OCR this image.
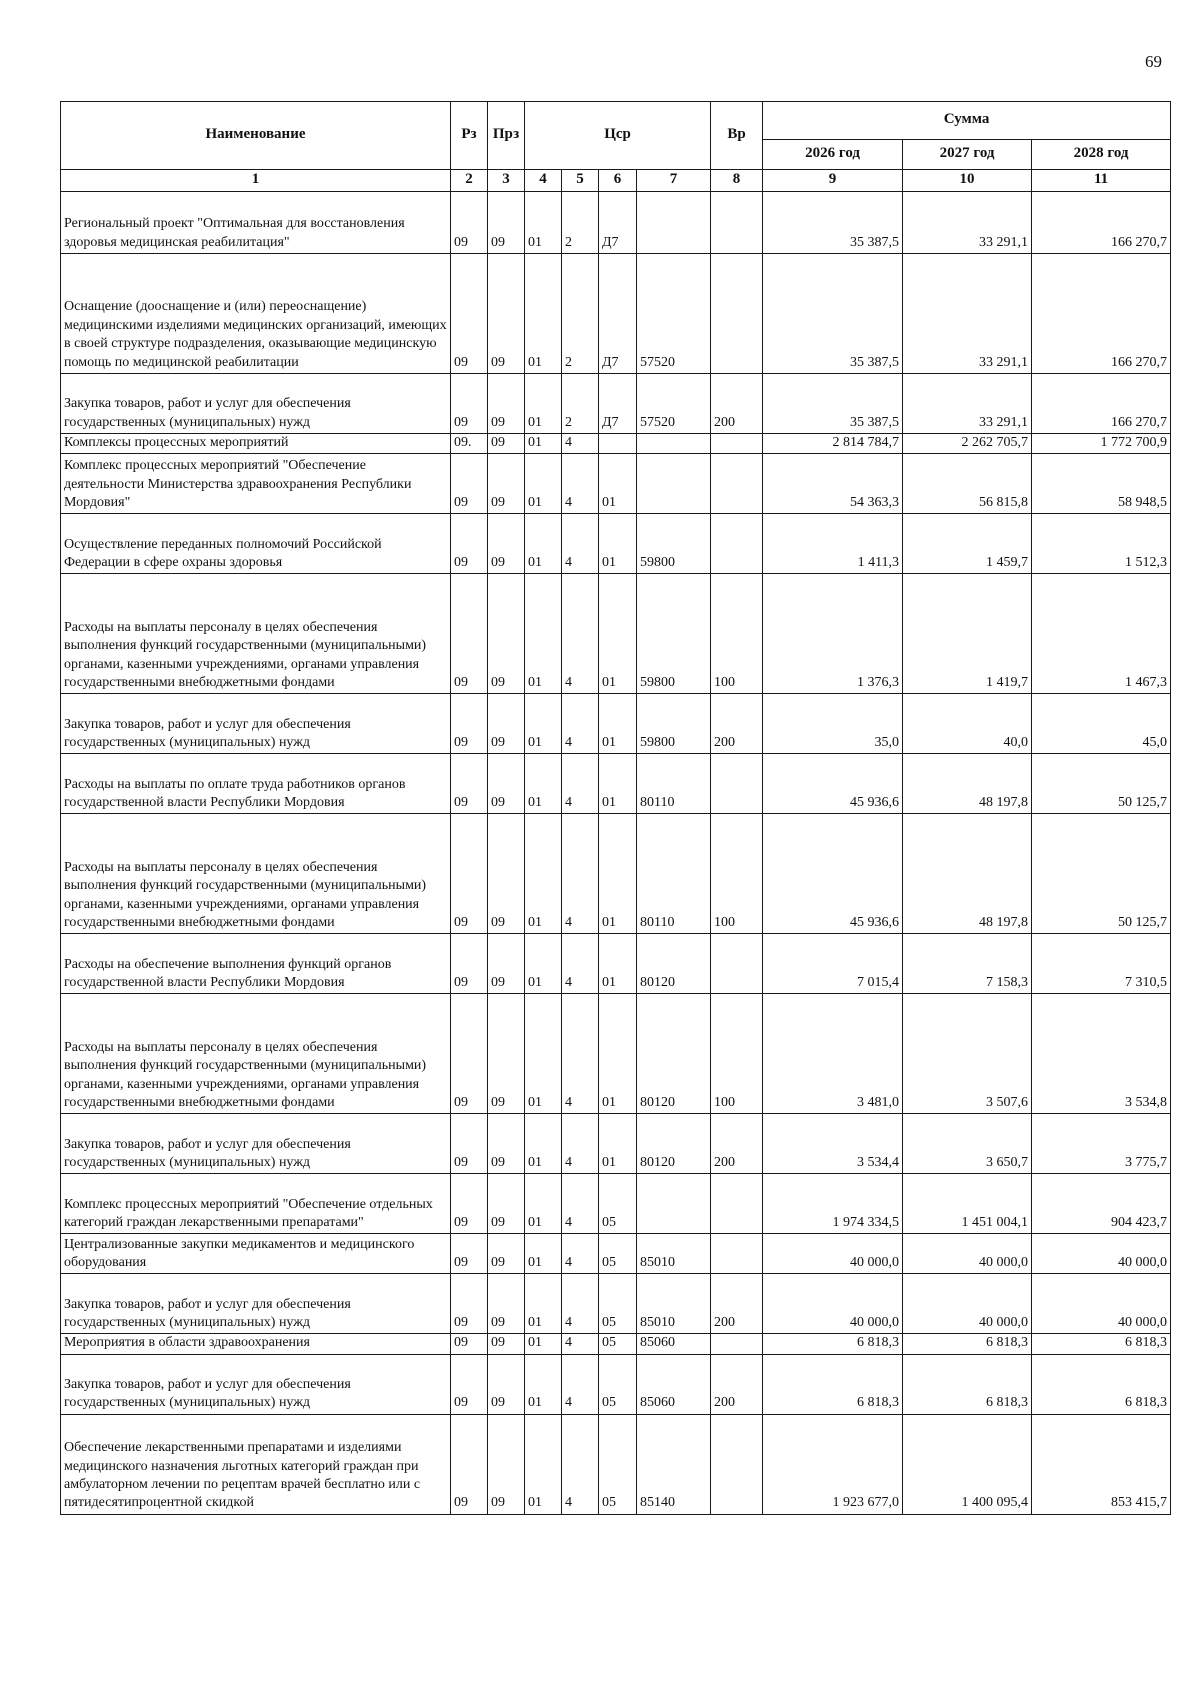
69
Наименование	Рз	Прз	Цср				Вр	Сумма		
								2026 год	2027 год	2028 год
1	2	3	4	5	6	7	8	9	10	11
Региональный проект "Оптимальная для восстановления здоровья медицинская реабилитация"	09	09	01	2	Д7			35 387,5	33 291,1	166 270,7
Оснащение (дооснащение и (или) переоснащение) медицинскими изделиями медицинских организаций, имеющих в своей структуре подразделения, оказывающие медицинскую помощь по медицинской реабилитации	09	09	01	2	Д7	57520		35 387,5	33 291,1	166 270,7
Закупка товаров, работ и услуг для обеспечения государственных (муниципальных) нужд	09	09	01	2	Д7	57520	200	35 387,5	33 291,1	166 270,7
Комплексы процессных мероприятий	09.	09	01	4				2 814 784,7	2 262 705,7	1 772 700,9
Комплекс процессных мероприятий "Обеспечение деятельности Министерства здравоохранения Республики Мордовия"	09	09	01	4	01			54 363,3	56 815,8	58 948,5
Осуществление переданных полномочий Российской Федерации в сфере охраны здоровья	09	09	01	4	01	59800		1 411,3	1 459,7	1 512,3
Расходы на выплаты персоналу в целях обеспечения выполнения функций государственными (муниципальными) органами, казенными учреждениями, органами управления государственными внебюджетными фондами	09	09	01	4	01	59800	100	1 376,3	1 419,7	1 467,3
Закупка товаров, работ и услуг для обеспечения государственных (муниципальных) нужд	09	09	01	4	01	59800	200	35,0	40,0	45,0
Расходы на выплаты по оплате труда работников органов государственной власти Республики Мордовия	09	09	01	4	01	80110		45 936,6	48 197,8	50 125,7
Расходы на выплаты персоналу в целях обеспечения выполнения функций государственными (муниципальными) органами, казенными учреждениями, органами управления государственными внебюджетными фондами	09	09	01	4	01	80110	100	45 936,6	48 197,8	50 125,7
Расходы на обеспечение выполнения функций органов государственной власти Республики Мордовия	09	09	01	4	01	80120		7 015,4	7 158,3	7 310,5
Расходы на выплаты персоналу в целях обеспечения выполнения функций государственными (муниципальными) органами, казенными учреждениями, органами управления государственными внебюджетными фондами	09	09	01	4	01	80120	100	3 481,0	3 507,6	3 534,8
Закупка товаров, работ и услуг для обеспечения государственных (муниципальных) нужд	09	09	01	4	01	80120	200	3 534,4	3 650,7	3 775,7
Комплекс процессных мероприятий "Обеспечение отдельных категорий граждан лекарственными препаратами"	09	09	01	4	05			1 974 334,5	1 451 004,1	904 423,7
Централизованные закупки медикаментов и медицинского оборудования	09	09	01	4	05	85010		40 000,0	40 000,0	40 000,0
Закупка товаров, работ и услуг для обеспечения государственных (муниципальных) нужд	09	09	01	4	05	85010	200	40 000,0	40 000,0	40 000,0
Мероприятия в области здравоохранения	09	09	01	4	05	85060		6 818,3	6 818,3	6 818,3
Закупка товаров, работ и услуг для обеспечения государственных (муниципальных) нужд	09	09	01	4	05	85060	200	6 818,3	6 818,3	6 818,3
Обеспечение лекарственными препаратами и изделиями медицинского назначения льготных категорий граждан при амбулаторном лечении по рецептам врачей бесплатно или с пятидесятипроцентной скидкой	09	09	01	4	05	85140		1 923 677,0	1 400 095,4	853 415,7
